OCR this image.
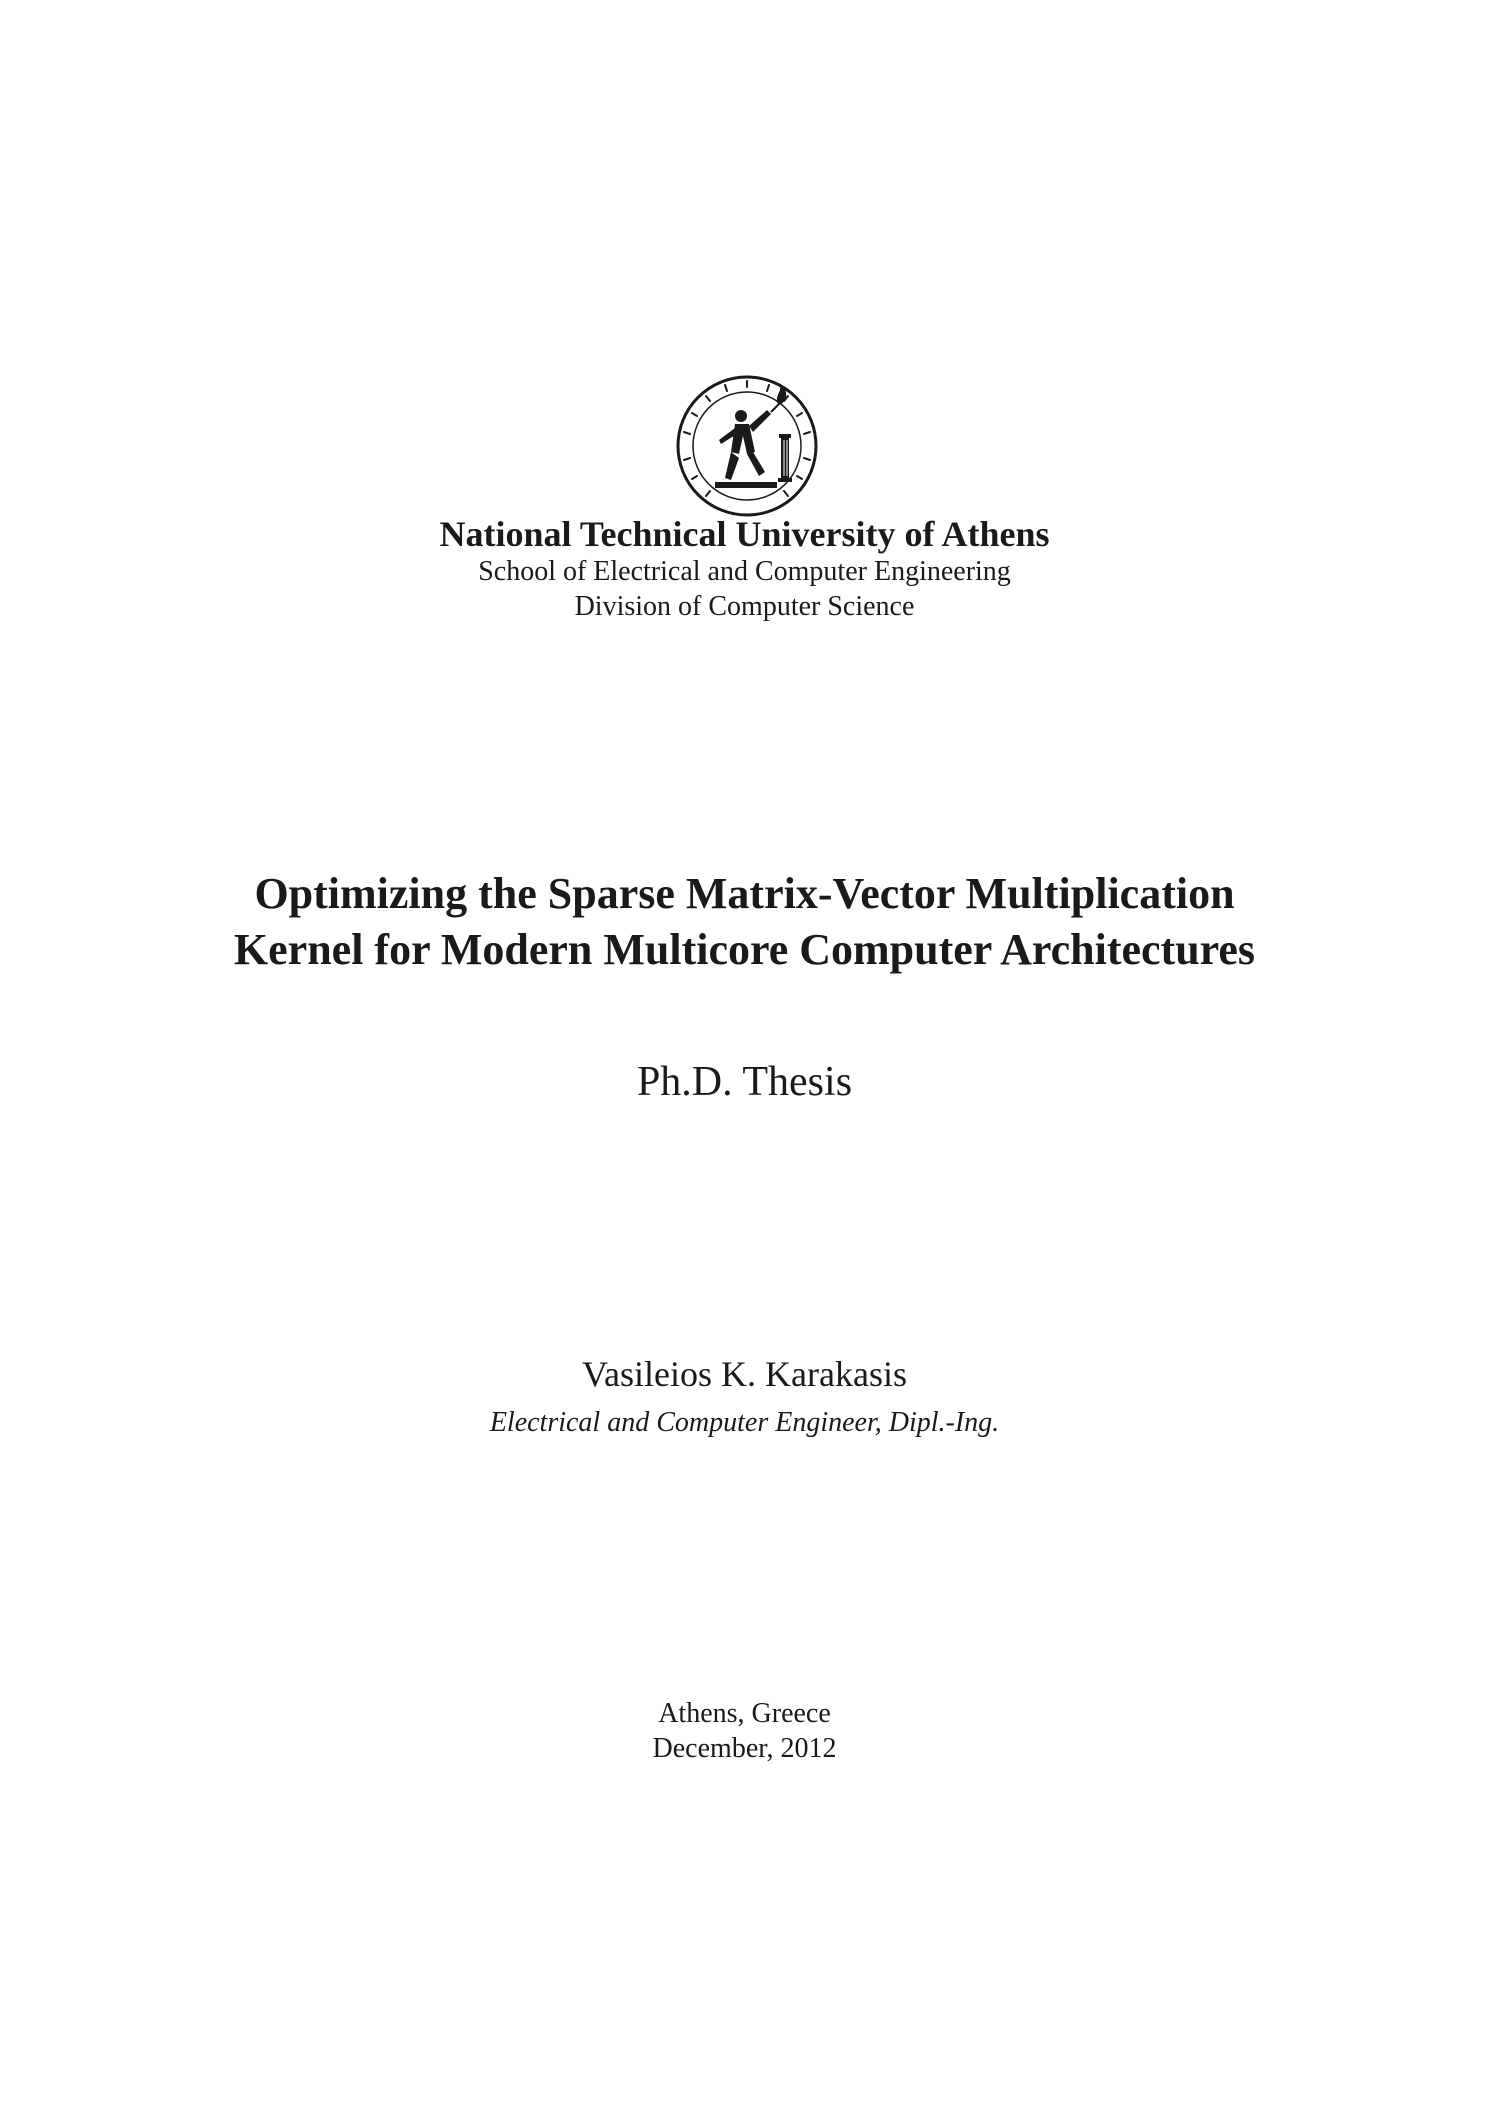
National Technical University of Athens
School of Electrical and Computer Engineering
Division of Computer Science
Optimizing the Sparse Matrix-Vector Multiplication
Kernel for Modern Multicore Computer Architectures
Ph.D. Thesis
Vasileios K. Karakasis
Electrical and Computer Engineer, Dipl.-Ing.
Athens, Greece
December, 2012
